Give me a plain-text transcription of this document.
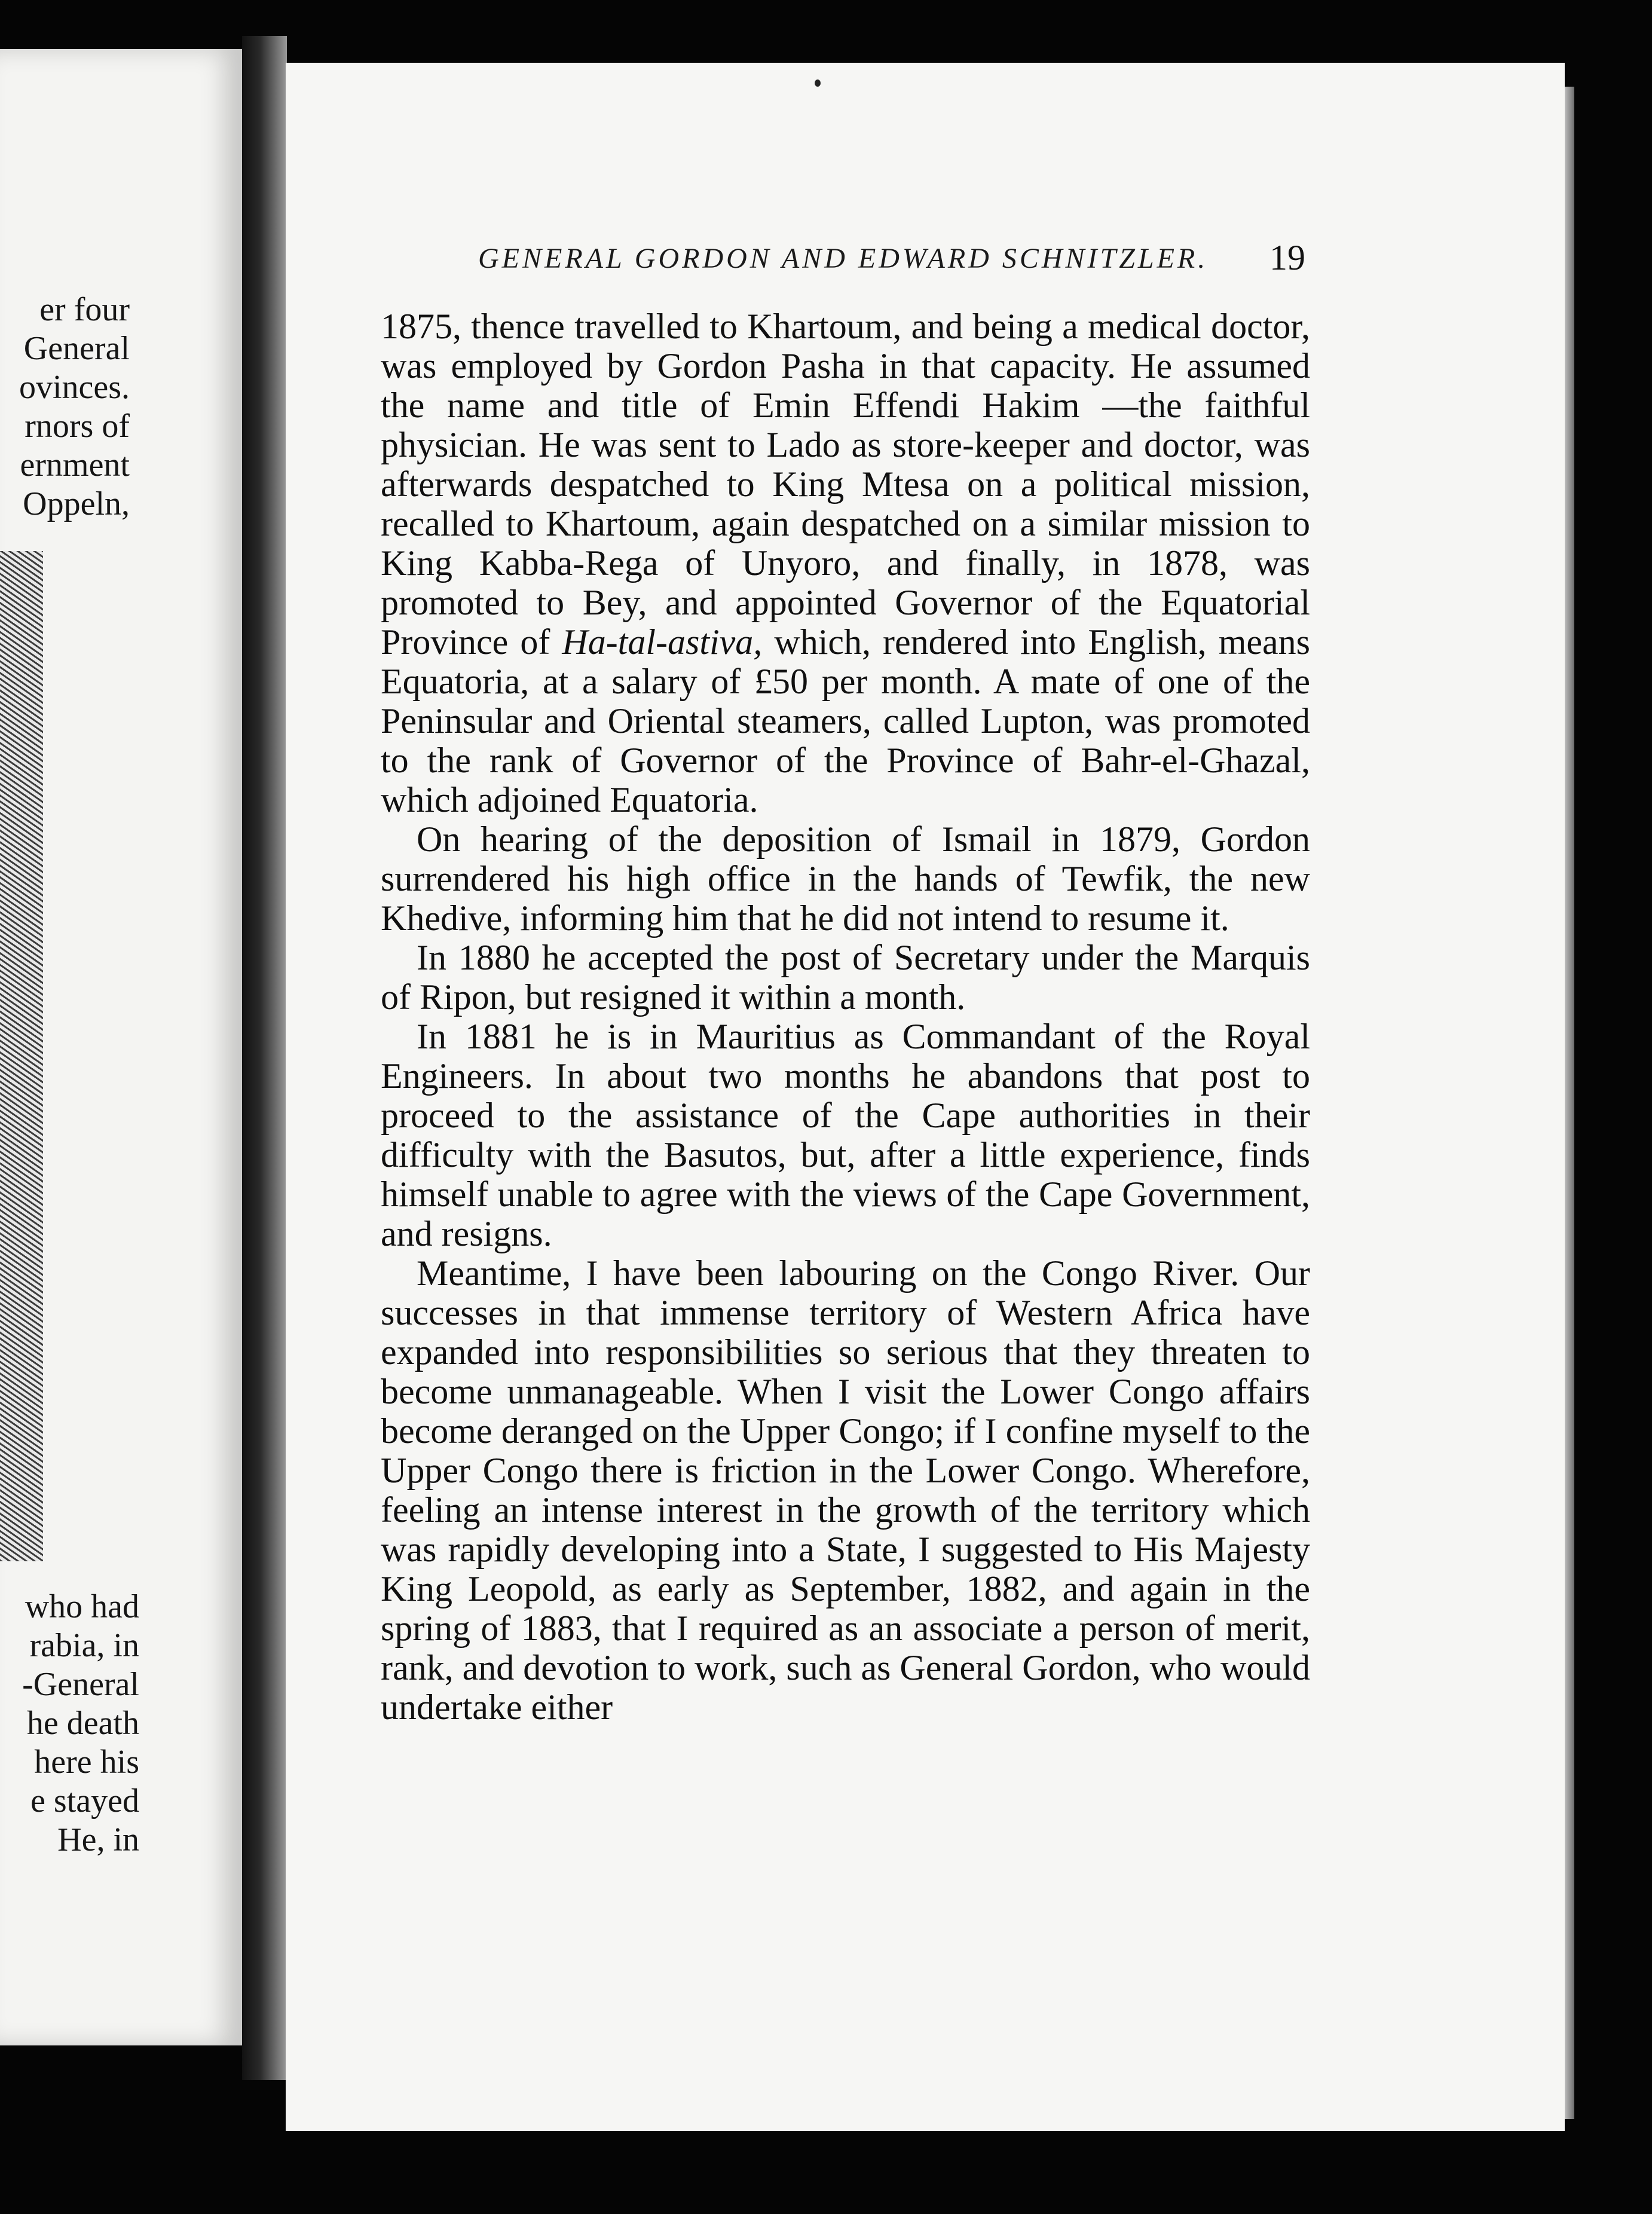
er four
General
ovinces.
rnors of
ernment
Oppeln,
who had
rabia, in
-General
he death
here his
e stayed
He, in
GENERAL GORDON AND EDWARD SCHNITZLER.	19

1875, thence travelled to Khartoum, and being a medical doctor, was employed by Gordon Pasha in that capacity. He assumed the name and title of Emin Effendi Hakim —the faithful physician. He was sent to Lado as store-keeper and doctor, was afterwards despatched to King Mtesa on a political mission, recalled to Khartoum, again despatched on a similar mission to King Kabba-Rega of Unyoro, and finally, in 1878, was promoted to Bey, and appointed Governor of the Equatorial Province of Ha-tal-astiva, which, rendered into English, means Equatoria, at a salary of £50 per month. A mate of one of the Peninsular and Oriental steamers, called Lupton, was promoted to the rank of Governor of the Province of Bahr-el-Ghazal, which adjoined Equatoria.

On hearing of the deposition of Ismail in 1879, Gordon surrendered his high office in the hands of Tewfik, the new Khedive, informing him that he did not intend to resume it.

In 1880 he accepted the post of Secretary under the Marquis of Ripon, but resigned it within a month.

In 1881 he is in Mauritius as Commandant of the Royal Engineers. In about two months he abandons that post to proceed to the assistance of the Cape authorities in their difficulty with the Basutos, but, after a little experience, finds himself unable to agree with the views of the Cape Government, and resigns.

Meantime, I have been labouring on the Congo River. Our successes in that immense territory of Western Africa have expanded into responsibilities so serious that they threaten to become unmanageable. When I visit the Lower Congo affairs become deranged on the Upper Congo; if I confine myself to the Upper Congo there is friction in the Lower Congo. Wherefore, feeling an intense interest in the growth of the territory which was rapidly developing into a State, I suggested to His Majesty King Leopold, as early as September, 1882, and again in the spring of 1883, that I required as an associate a person of merit, rank, and devotion to work, such as General Gordon, who would undertake either
